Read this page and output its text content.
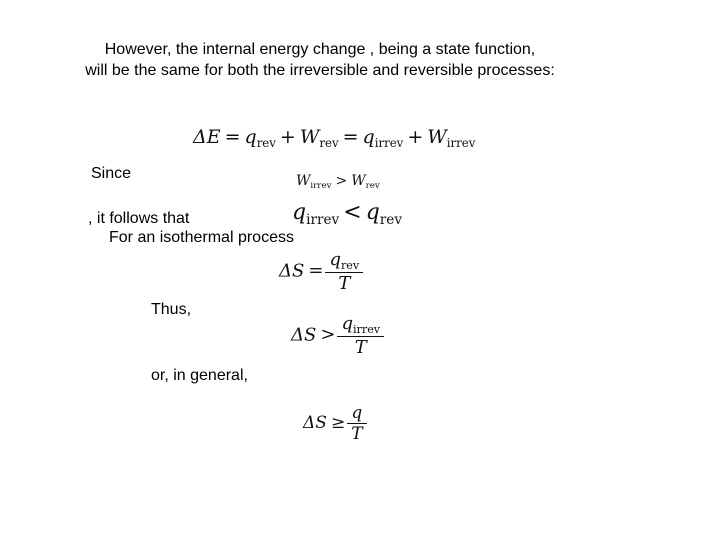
However, the internal energy change , being a state function,
will be the same for both the irreversible and reversible processes:
$\Delta E = q_{rev} + W_{rev} = q_{irrev} + W_{irrev}$
Since	$W_{irrev} > W_{rev}$
, it follows that	$q_{irrev} < q_{rev}$
For an isothermal process
$\Delta S = \frac{q_{rev}}{T}$
Thus,
$\Delta S > \frac{q_{irrev}}{T}$
or, in general,
$\Delta S \ge \frac{q}{T}$
